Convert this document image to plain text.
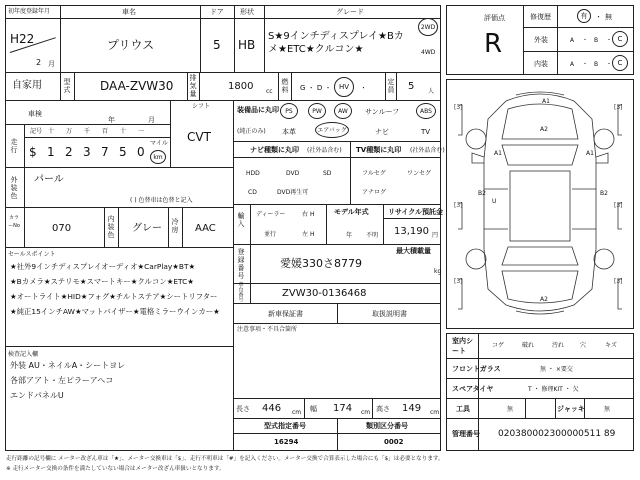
初年度登録年月	車名	ドア 形状	グレード
H22
2 月
プリウス	5 HB
S★9インチディスプレイ★Bカメ★ETC★クルコン★
2WD
4WD
自家用	型式 DAA-ZVW30
排気量
1800 cc
燃料 G ・ D ・	HV	・
定員 5 人
車検
年	月
シフト
CVT
走行
記号 十 万 千 百 十 一
$ 1 2 3 7 5 0
マイル
km
外装色
パール
( ) 色替車は色替と記入
カラーNo	070
内装色
グレー
冷房 AAC
セールスポイント
★社外9インチディスプレイオーディオ★CarPlay★BT★
★Bカメラ★ステリモ★スマートキー★クルコン★ETC★
★オートライト★HID★フォグ★チルトステア★シートリフター
★純正15インチAW★マットバイザー★電格ミラーウインカー★
検査記入欄
外装 AU・ネイルA・シートヨレ
各部アアト・左ピラーアヘコ
エンドパネルU
装備品に丸印
(純正のみ)
PS	PW	AW	サンルーフ	ABS
本革	エアバッグ	ナビ	TV
ナビ種類に丸印 (社外品含む) TV種類に丸印 (社外品含む)
HDD	DVD	SD
CD	DVD再生可
フルセグ	ワンセグ
アナログ
輸入
ディーラー
並行
右 H
左 H
モデル年式
年 不明
リサイクル預託金
13,190 円
登録番号
愛媛330さ8779
最大積載量
kg
車台番号
ZVW30-0136468
新車保証書	取扱説明書
注意事項・不具合箇所
長さ 446 cm 幅 174 cm 高さ 149 cm
型式指定番号
16294
類別区分番号
0002
評価点
R
修復歴	有	・ 無
外装
内装
A ・ B ・ C
A ・ B ・ C
[3]	[3]
[3]	[3]
[3]	[3]
A1
A2
A1	A1
U
B2	B2
A2
室内シート
コゲ	破れ	汚れ	穴	キズ
フロントガラス	無 ・ ×要交
スペアタイヤ	T ・ 修理KIT ・ 欠
工具	無	ジャッキ	無
管理番号 020380002300000511 89
走行距離の記号欄に メーター改ざん車は「★」、メーター交換車は「$」、走行不明車は「#」を記入ください。メーター交換で合算表示した場合にも「$」は必要となります。
※ 走行メーター交換の条件を満たしていない場合はメーター改ざん車扱いとなります。
